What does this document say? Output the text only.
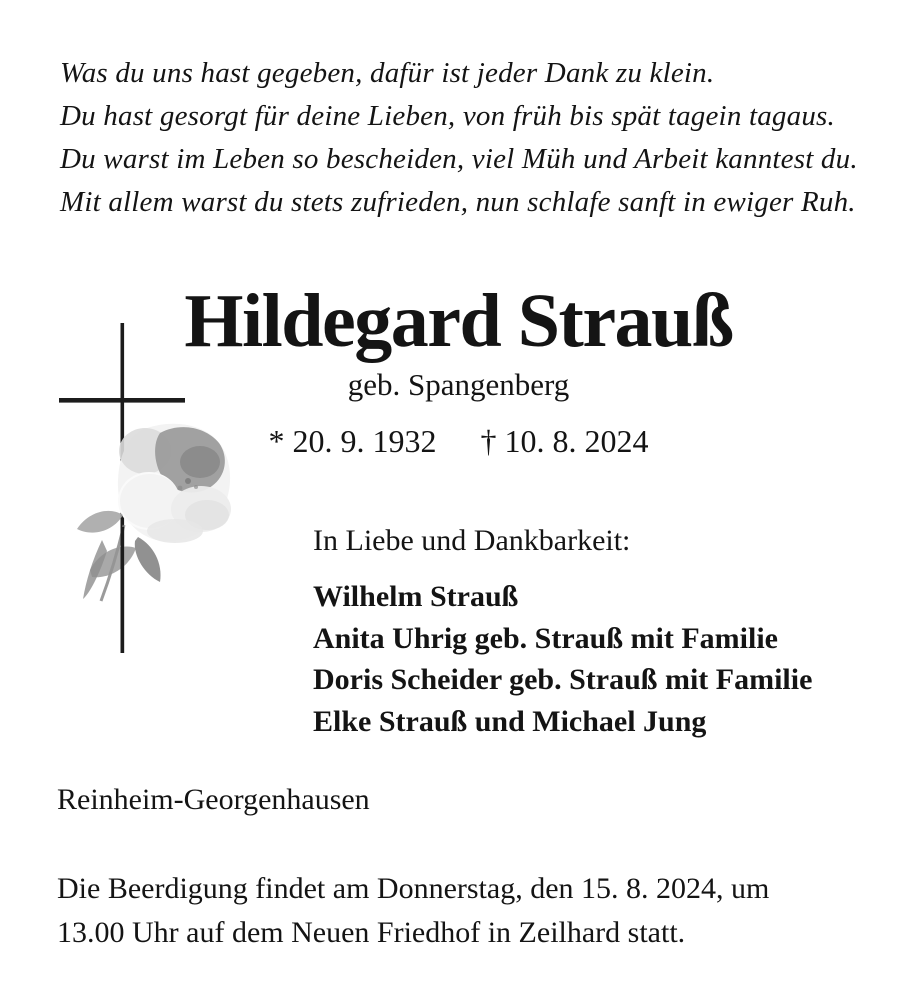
Was du uns hast gegeben, dafür ist jeder Dank zu klein.
Du hast gesorgt für deine Lieben, von früh bis spät tagein tagaus.
Du warst im Leben so bescheiden, viel Müh und Arbeit kanntest du.
Mit allem warst du stets zufrieden, nun schlafe sanft in ewiger Ruh.
Hildegard Strauß
geb. Spangenberg
* 20. 9. 1932 † 10. 8. 2024
In Liebe und Dankbarkeit:
Wilhelm Strauß
Anita Uhrig geb. Strauß mit Familie
Doris Scheider geb. Strauß mit Familie
Elke Strauß und Michael Jung
Reinheim-Georgenhausen
Die Beerdigung findet am Donnerstag, den 15. 8. 2024, um
13.00 Uhr auf dem Neuen Friedhof in Zeilhard statt.
